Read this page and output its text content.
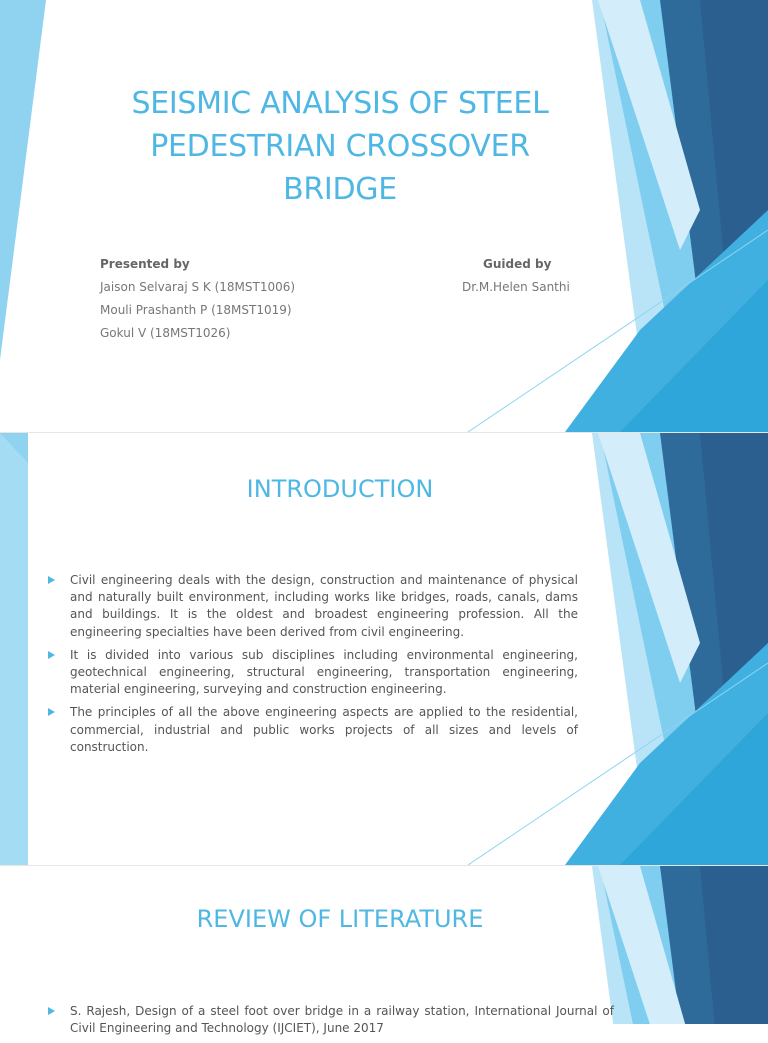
SEISMIC ANALYSIS OF STEEL PEDESTRIAN CROSSOVER BRIDGE
Presented by
Jaison Selvaraj S K (18MST1006)
Mouli Prashanth P (18MST1019)
Gokul V (18MST1026)
Guided by
Dr.M.Helen Santhi
INTRODUCTION
Civil engineering deals with the design, construction and maintenance of physical and naturally built environment, including works like bridges, roads, canals, dams and buildings. It is the oldest and broadest engineering profession. All the engineering specialties have been derived from civil engineering.
It is divided into various sub disciplines including environmental engineering, geotechnical engineering, structural engineering, transportation engineering, material engineering, surveying and construction engineering.
The principles of all the above engineering aspects are applied to the residential, commercial, industrial and public works projects of all sizes and levels of construction.
REVIEW OF LITERATURE
S. Rajesh, Design of a steel foot over bridge in a railway station, International Journal of Civil Engineering and Technology (IJCIET), June 2017
